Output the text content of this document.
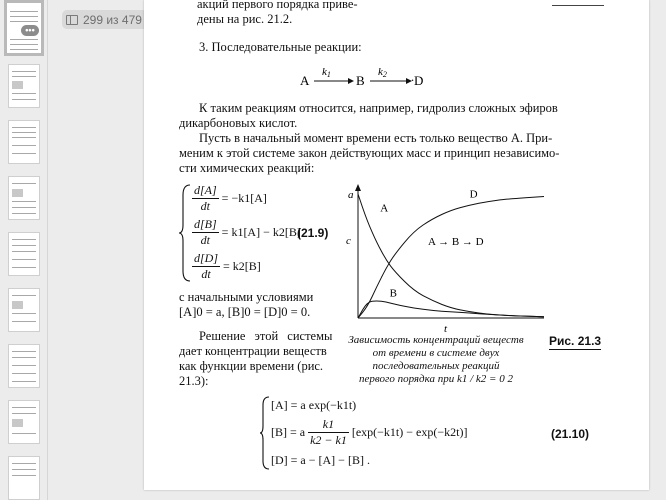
•••
299 из 479
акций первого порядка приве-
дены на рис. 21.2.
3. Последовательные реакции:
A
k1 B
k2 D
.
К таким реакциям относится, например, гидролиз сложных эфиров
дикарбоновых кислот.
Пусть в начальный момент времени есть только вещество А. При-
меним к этой системе закон действующих масс и принцип независимо-
сти химических реакций:
$\frac{d[A]}{dt} = -k1[A]$
$\frac{d[B]}{dt} = k1[A] - k2[B]$
$\frac{d[D]}{dt} = k2[B]$
(21.9)
с начальными условиями
[A]0 = a, [B]0 = [D]0 = 0.
Решение этой системы
дает концентрации веществ
как функции времени (рис.
21.3):
a
c
t
A → B → D
A
B
D
Зависимость концентраций веществ
от времени в системе двух
последовательных реакций
первого порядка при k1 / k2 = 0 2
Рис. 21.3
[A] = a exp(−k1t)
[B] = a $\frac{k1}{k2 - k1} [\exp(-k1t) - \exp(-k2t)]$
[D] = a − [A] − [B] .
(21.10)
